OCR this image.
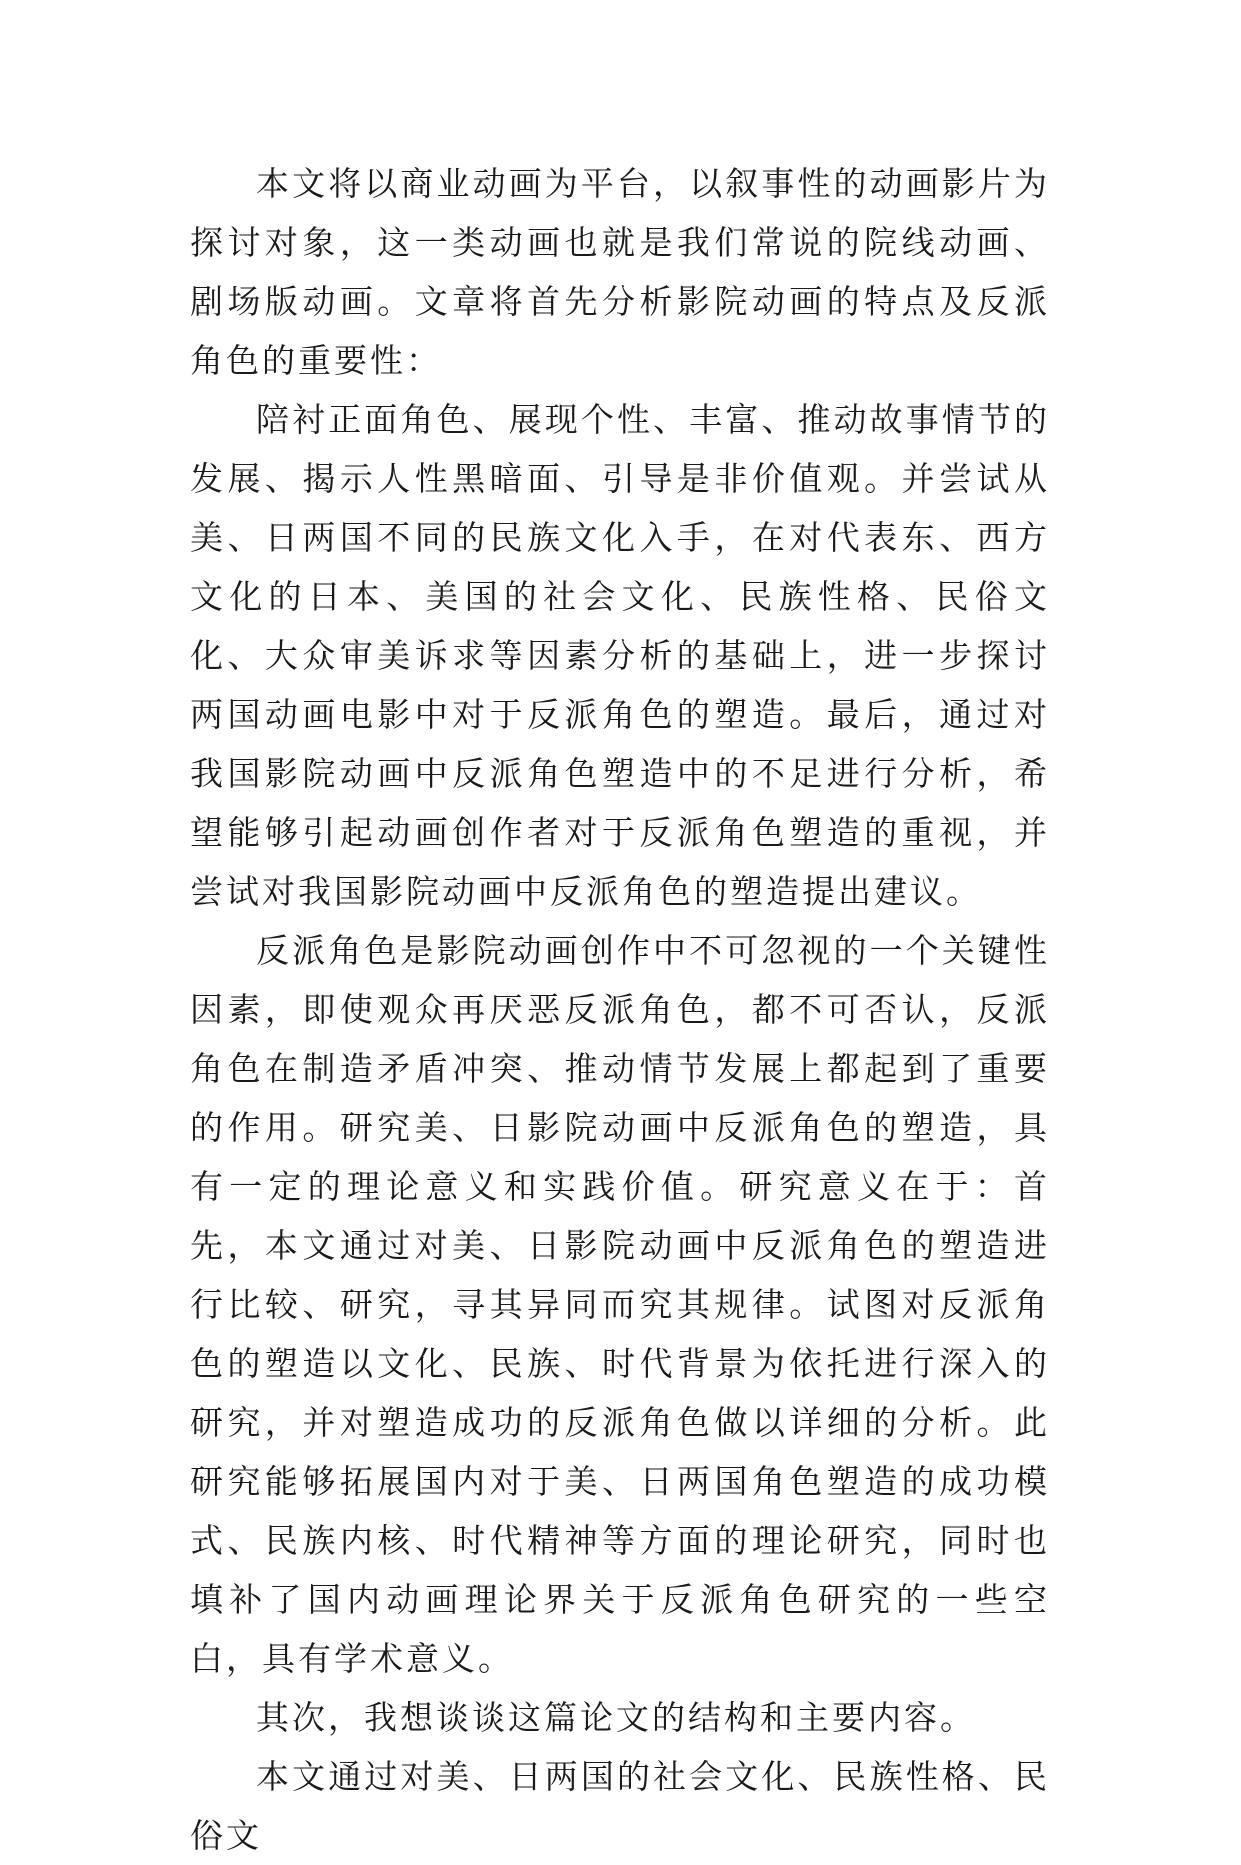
本文将以商业动画为平台，以叙事性的动画影片为探讨对象，这一类动画也就是我们常说的院线动画、剧场版动画。文章将首先分析影院动画的特点及反派角色的重要性：

陪衬正面角色、展现个性、丰富、推动故事情节的发展、揭示人性黑暗面、引导是非价值观。并尝试从美、日两国不同的民族文化入手，在对代表东、西方文化的日本、美国的社会文化、民族性格、民俗文化、大众审美诉求等因素分析的基础上，进一步探讨两国动画电影中对于反派角色的塑造。最后，通过对我国影院动画中反派角色塑造中的不足进行分析，希望能够引起动画创作者对于反派角色塑造的重视，并尝试对我国影院动画中反派角色的塑造提出建议。

反派角色是影院动画创作中不可忽视的一个关键性因素，即使观众再厌恶反派角色，都不可否认，反派角色在制造矛盾冲突、推动情节发展上都起到了重要的作用。研究美、日影院动画中反派角色的塑造，具有一定的理论意义和实践价值。研究意义在于：首先，本文通过对美、日影院动画中反派角色的塑造进行比较、研究，寻其异同而究其规律。试图对反派角色的塑造以文化、民族、时代背景为依托进行深入的研究，并对塑造成功的反派角色做以详细的分析。此研究能够拓展国内对于美、日两国角色塑造的成功模式、民族内核、时代精神等方面的理论研究，同时也填补了国内动画理论界关于反派角色研究的一些空白，具有学术意义。

其次，我想谈谈这篇论文的结构和主要内容。

本文通过对美、日两国的社会文化、民族性格、民俗文
